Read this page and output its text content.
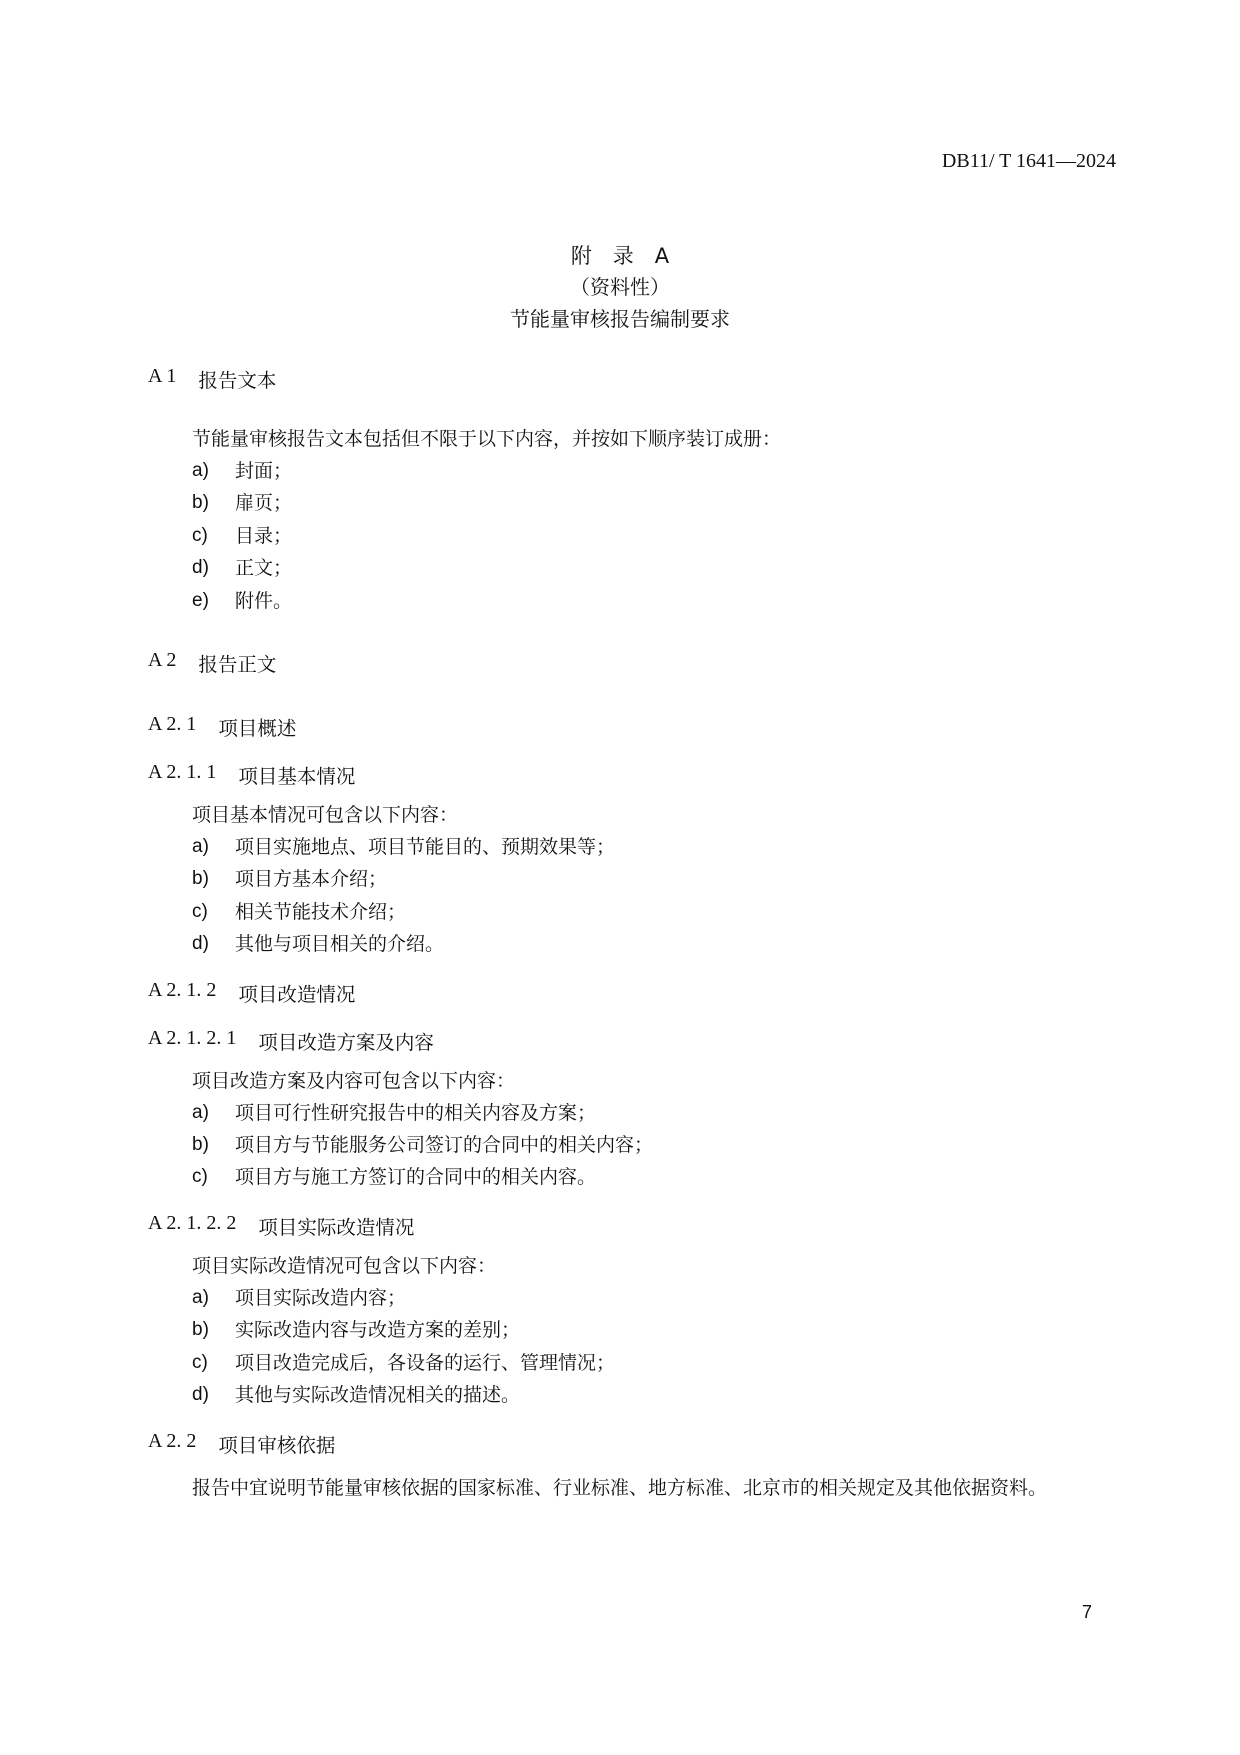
DB11/ T 1641—2024
附　录　A
（资料性）
节能量审核报告编制要求
A 1 报告文本
节能量审核报告文本包括但不限于以下内容，并按如下顺序装订成册：
a)	封面；
b)	扉页；
c)	目录；
d)	正文；
e)	附件。
A 2 报告正文
A 2. 1 项目概述
A 2. 1. 1 项目基本情况
项目基本情况可包含以下内容：
a)	项目实施地点、项目节能目的、预期效果等；
b)	项目方基本介绍；
c)	相关节能技术介绍；
d)	其他与项目相关的介绍。
A 2. 1. 2 项目改造情况
A 2. 1. 2. 1 项目改造方案及内容
项目改造方案及内容可包含以下内容：
a)	项目可行性研究报告中的相关内容及方案；
b)	项目方与节能服务公司签订的合同中的相关内容；
c)	项目方与施工方签订的合同中的相关内容。
A 2. 1. 2. 2 项目实际改造情况
项目实际改造情况可包含以下内容：
a)	项目实际改造内容；
b)	实际改造内容与改造方案的差别；
c)	项目改造完成后，各设备的运行、管理情况；
d)	其他与实际改造情况相关的描述。
A 2. 2 项目审核依据
报告中宜说明节能量审核依据的国家标准、行业标准、地方标准、北京市的相关规定及其他依据资料。
7
